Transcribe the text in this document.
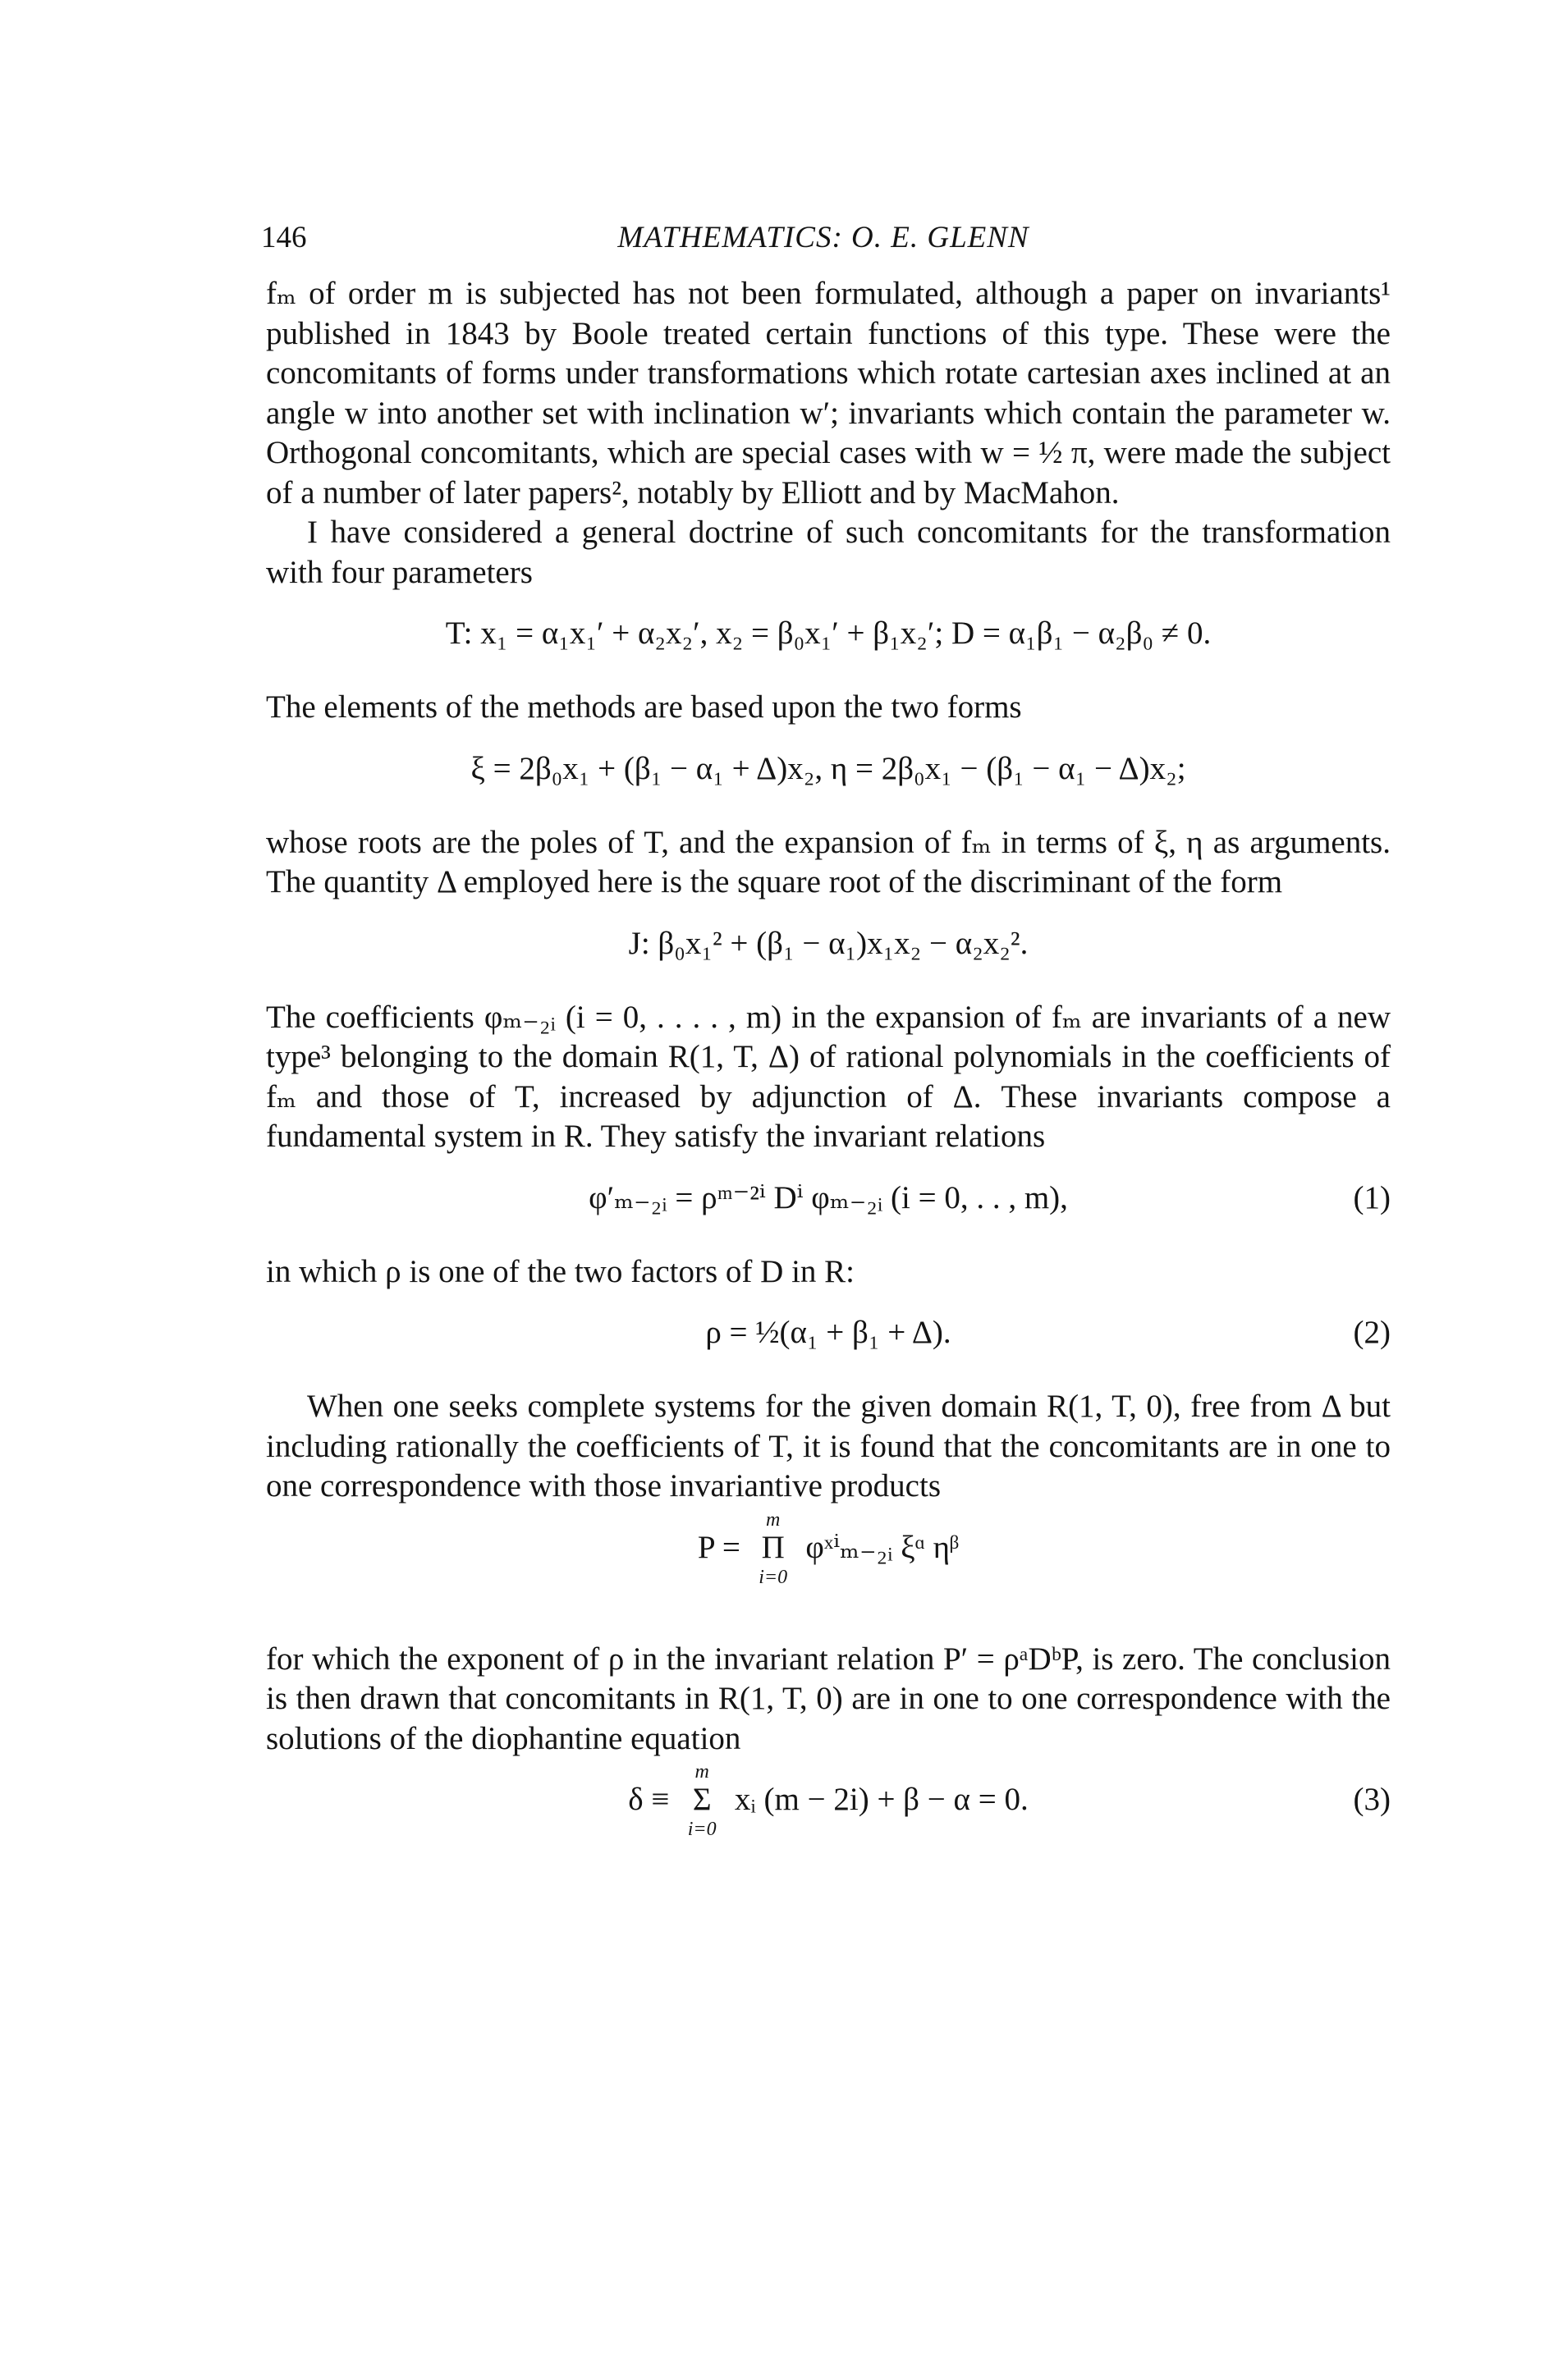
146	MATHEMATICS: O. E. GLENN

fₘ of order m is subjected has not been formulated, although a paper on invariants¹ published in 1843 by Boole treated certain functions of this type. These were the concomitants of forms under transformations which rotate cartesian axes inclined at an angle w into another set with inclination w′; invariants which contain the parameter w. Orthogonal concomitants, which are special cases with w = ½ π, were made the subject of a number of later papers², notably by Elliott and by MacMahon.

I have considered a general doctrine of such concomitants for the transformation with four parameters

T: x₁ = α₁x₁′ + α₂x₂′, x₂ = β₀x₁′ + β₁x₂′; D = α₁β₁ − α₂β₀ ≠ 0.

The elements of the methods are based upon the two forms

ξ = 2β₀x₁ + (β₁ − α₁ + Δ)x₂, η = 2β₀x₁ − (β₁ − α₁ − Δ)x₂;

whose roots are the poles of T, and the expansion of fₘ in terms of ξ, η as arguments. The quantity Δ employed here is the square root of the discriminant of the form

J: β₀x₁² + (β₁ − α₁)x₁x₂ − α₂x₂².

The coefficients φₘ₋₂ᵢ (i = 0, . . . . , m) in the expansion of fₘ are invariants of a new type³ belonging to the domain R(1, T, Δ) of rational polynomials in the coefficients of fₘ and those of T, increased by adjunction of Δ. These invariants compose a fundamental system in R. They satisfy the invariant relations

φ′ₘ₋₂ᵢ = ρᵐ⁻²ⁱ Dⁱ φₘ₋₂ᵢ (i = 0, . . , m),	(1)

in which ρ is one of the two factors of D in R:

ρ = ½(α₁ + β₁ + Δ).	(2)

When one seeks complete systems for the given domain R(1, T, 0), free from Δ but including rationally the coefficients of T, it is found that the concomitants are in one to one correspondence with those invariantive products

P =
m
Π
i=0
φˣⁱₘ₋₂ᵢ ξᵅ ηᵝ

for which the exponent of ρ in the invariant relation P′ = ρᵃDᵇP, is zero. The conclusion is then drawn that concomitants in R(1, T, 0) are in one to one correspondence with the solutions of the diophantine equation

δ ≡
m
Σ
i=0
xᵢ (m − 2i) + β − α = 0.	(3)
